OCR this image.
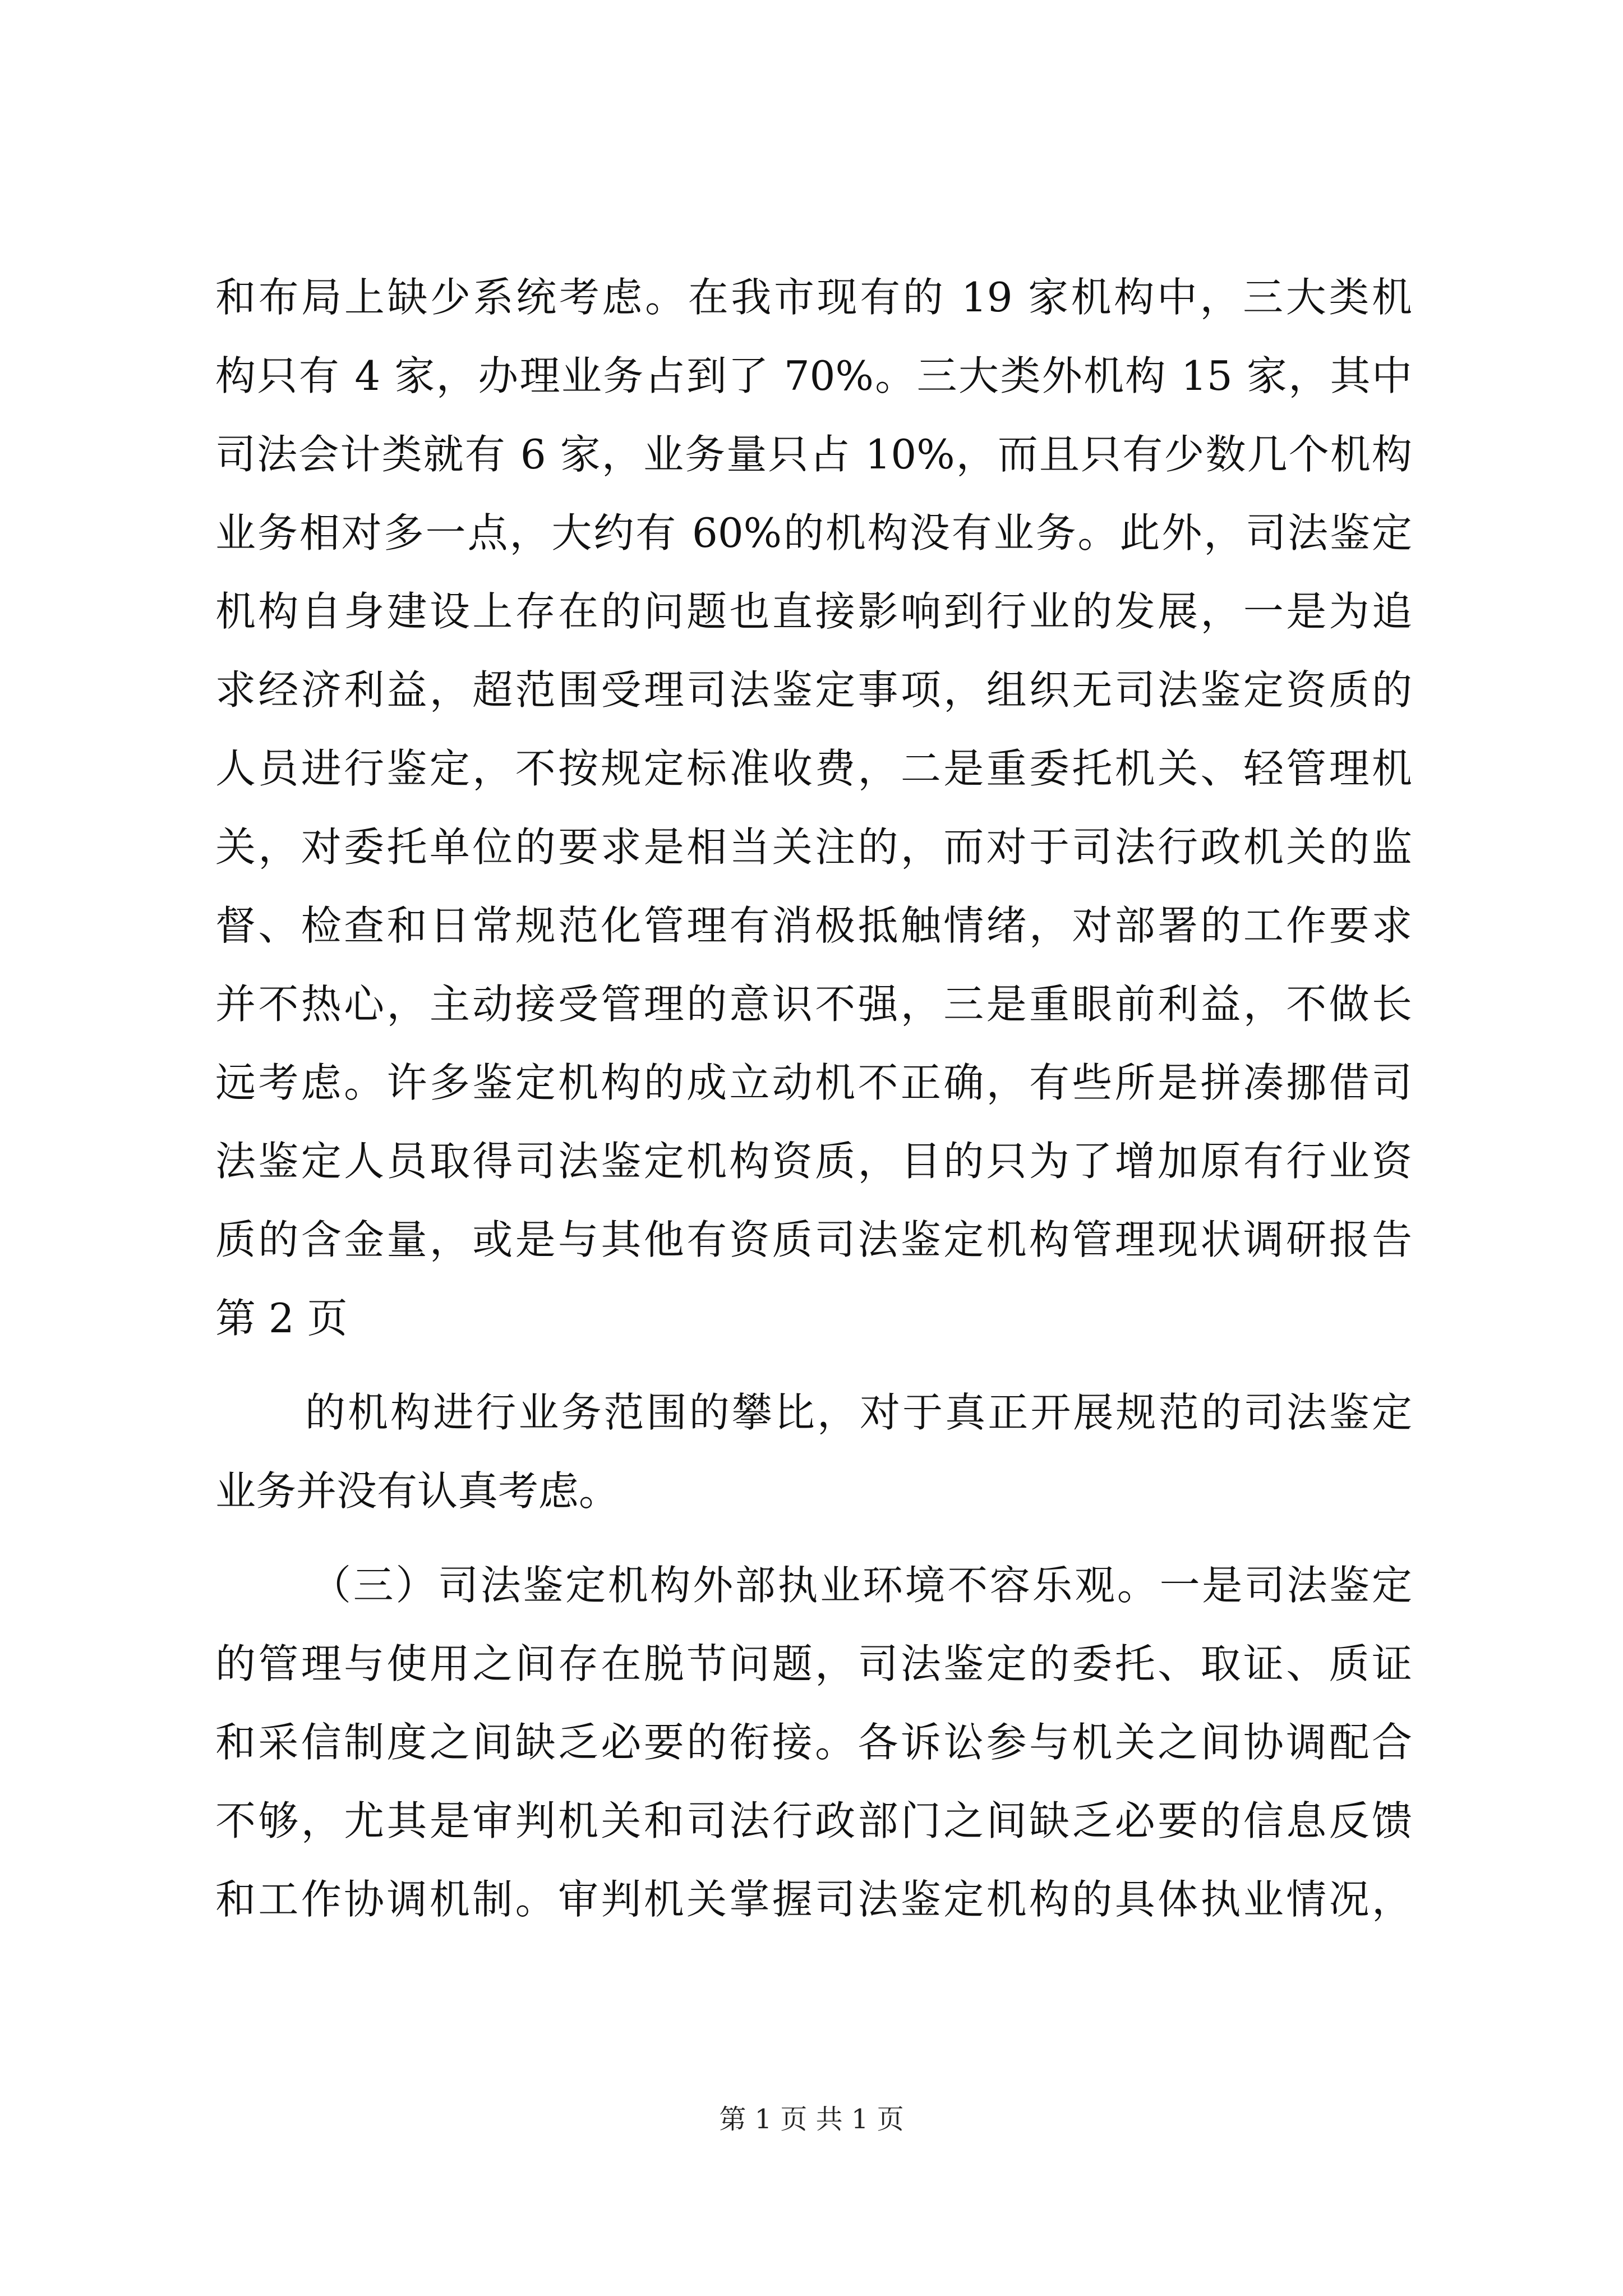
和布局上缺少系统考虑。在我市现有的 19 家机构中，三大类机
构只有 4 家，办理业务占到了 70%。三大类外机构 15 家，其中
司法会计类就有 6 家，业务量只占 10%，而且只有少数几个机构
业务相对多一点，大约有 60%的机构没有业务。此外，司法鉴定
机构自身建设上存在的问题也直接影响到行业的发展，一是为追
求经济利益，超范围受理司法鉴定事项，组织无司法鉴定资质的
人员进行鉴定，不按规定标准收费，二是重委托机关、轻管理机
关，对委托单位的要求是相当关注的，而对于司法行政机关的监
督、检查和日常规范化管理有消极抵触情绪，对部署的工作要求
并不热心，主动接受管理的意识不强，三是重眼前利益，不做长
远考虑。许多鉴定机构的成立动机不正确，有些所是拼凑挪借司
法鉴定人员取得司法鉴定机构资质，目的只为了增加原有行业资
质的含金量，或是与其他有资质司法鉴定机构管理现状调研报告
第 2 页
的机构进行业务范围的攀比，对于真正开展规范的司法鉴定
业务并没有认真考虑。
（三）司法鉴定机构外部执业环境不容乐观。一是司法鉴定
的管理与使用之间存在脱节问题，司法鉴定的委托、取证、质证
和采信制度之间缺乏必要的衔接。各诉讼参与机关之间协调配合
不够，尤其是审判机关和司法行政部门之间缺乏必要的信息反馈
和工作协调机制。审判机关掌握司法鉴定机构的具体执业情况，
第 1 页 共 1 页
